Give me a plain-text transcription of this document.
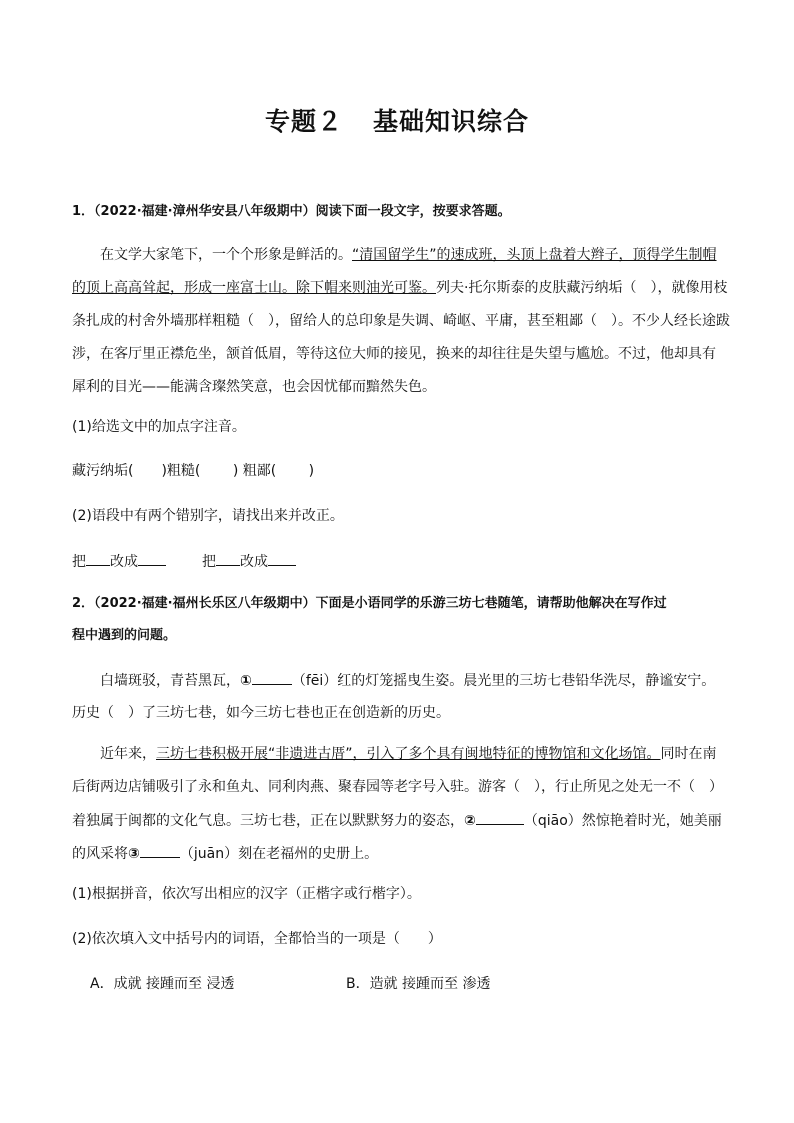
专题２ 基础知识综合
1．（2022·福建·漳州华安县八年级期中）阅读下面一段文字，按要求答题。
在文学大家笔下，一个个形象是鲜活的。“清国留学生”的速成班，头顶上盘着大辫子，顶得学生制帽
的顶上高高耸起，形成一座富士山。除下帽来则油光可鉴。列夫·托尔斯泰的皮肤藏污纳垢（　），就像用枝
条扎成的村舍外墙那样粗糙（　），留给人的总印象是失调、崎岖、平庸，甚至粗鄙（　）。不少人经长途跋
涉，在客厅里正襟危坐，颔首低眉，等待这位大师的接见，换来的却往往是失望与尴尬。不过，他却具有
犀利的目光——能满含璨然笑意，也会因忧郁而黯然失色。
(1)给选文中的加点字注音。
藏污纳垢(　　)粗糙(　　 ) 粗鄙(　　 )
(2)语段中有两个错别字，请找出来并改正。
把 改成	把 改成
2．（2022·福建·福州长乐区八年级期中）下面是小语同学的乐游三坊七巷随笔，请帮助他解决在写作过
程中遇到的问题。
白墙斑驳，青苔黑瓦，①	（fēi）红的灯笼摇曳生姿。晨光里的三坊七巷铅华洗尽，静谧安宁。
历史（　）了三坊七巷，如今三坊七巷也正在创造新的历史。
近年来，三坊七巷积极开展“非遗进古厝”，引入了多个具有闽地特征的博物馆和文化场馆。同时在南
后街两边店铺吸引了永和鱼丸、同利肉燕、聚春园等老字号入驻。游客（　），行止所见之处无一不（　）
着独属于闽都的文化气息。三坊七巷，正在以默默努力的姿态，②	（qiāo）然惊艳着时光，她美丽
的风采将③	（juān）刻在老福州的史册上。
(1)根据拼音，依次写出相应的汉字（正楷字或行楷字）。
(2)依次填入文中括号内的词语，全都恰当的一项是（　　）
A．成就 接踵而至 浸透	B．造就 接踵而至 渗透
